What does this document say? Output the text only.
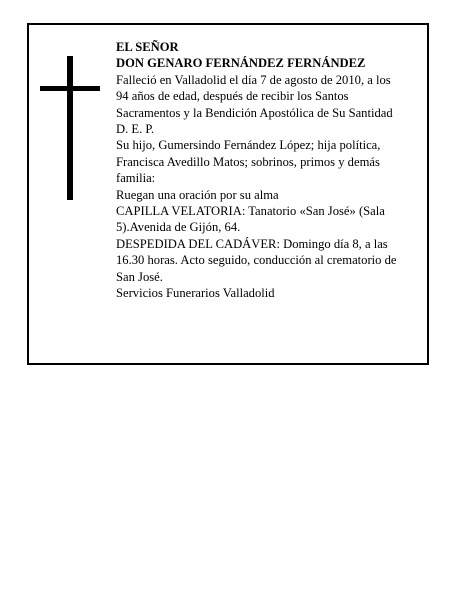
EL SEÑOR
DON GENARO FERNÁNDEZ FERNÁNDEZ
Falleció en Valladolid el día 7 de agosto de 2010, a los
94 años de edad, después de recibir los Santos
Sacramentos y la Bendición Apostólica de Su Santidad
D. E. P.
Su hijo, Gumersindo Fernández López; hija política,
Francisca Avedillo Matos; sobrinos, primos y demás
familia:
Ruegan una oración por su alma
CAPILLA VELATORIA: Tanatorio «San José» (Sala
5).Avenida de Gijón, 64.
DESPEDIDA DEL CADÁVER: Domingo día 8, a las
16.30 horas. Acto seguido, conducción al crematorio de
San José.
Servicios Funerarios Valladolid
